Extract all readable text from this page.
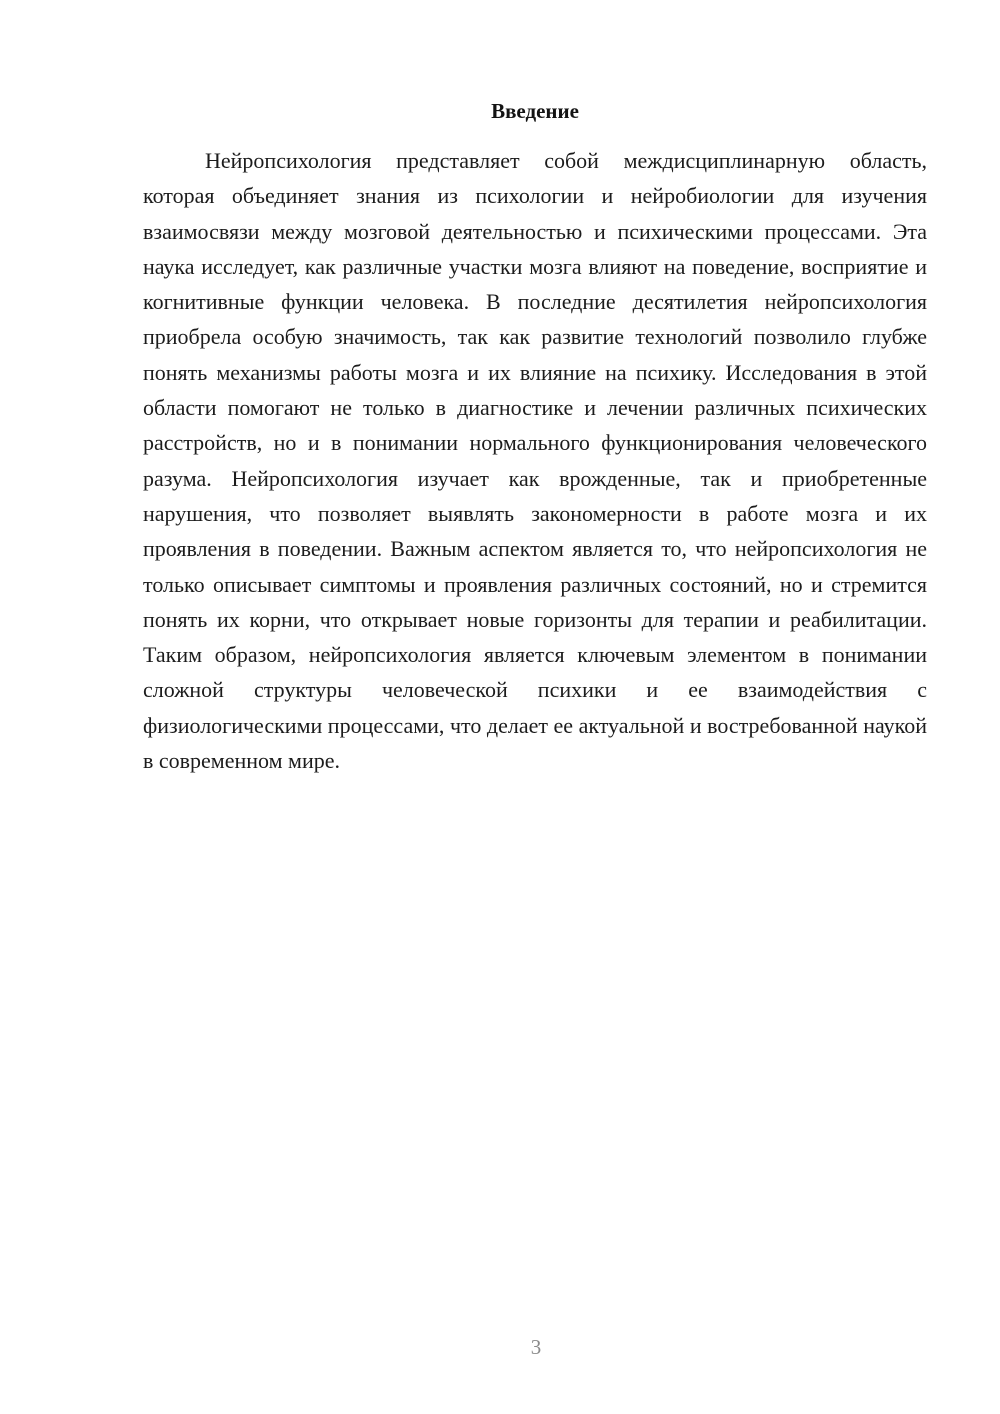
Введение

Нейропсихология представляет собой междисциплинарную область, которая объединяет знания из психологии и нейробиологии для изучения взаимосвязи между мозговой деятельностью и психическими процессами. Эта наука исследует, как различные участки мозга влияют на поведение, восприятие и когнитивные функции человека. В последние десятилетия нейропсихология приобрела особую значимость, так как развитие технологий позволило глубже понять механизмы работы мозга и их влияние на психику. Исследования в этой области помогают не только в диагностике и лечении различных психических расстройств, но и в понимании нормального функционирования человеческого разума. Нейропсихология изучает как врожденные, так и приобретенные нарушения, что позволяет выявлять закономерности в работе мозга и их проявления в поведении. Важным аспектом является то, что нейропсихология не только описывает симптомы и проявления различных состояний, но и стремится понять их корни, что открывает новые горизонты для терапии и реабилитации. Таким образом, нейропсихология является ключевым элементом в понимании сложной структуры человеческой психики и ее взаимодействия с физиологическими процессами, что делает ее актуальной и востребованной наукой в современном мире.

3
